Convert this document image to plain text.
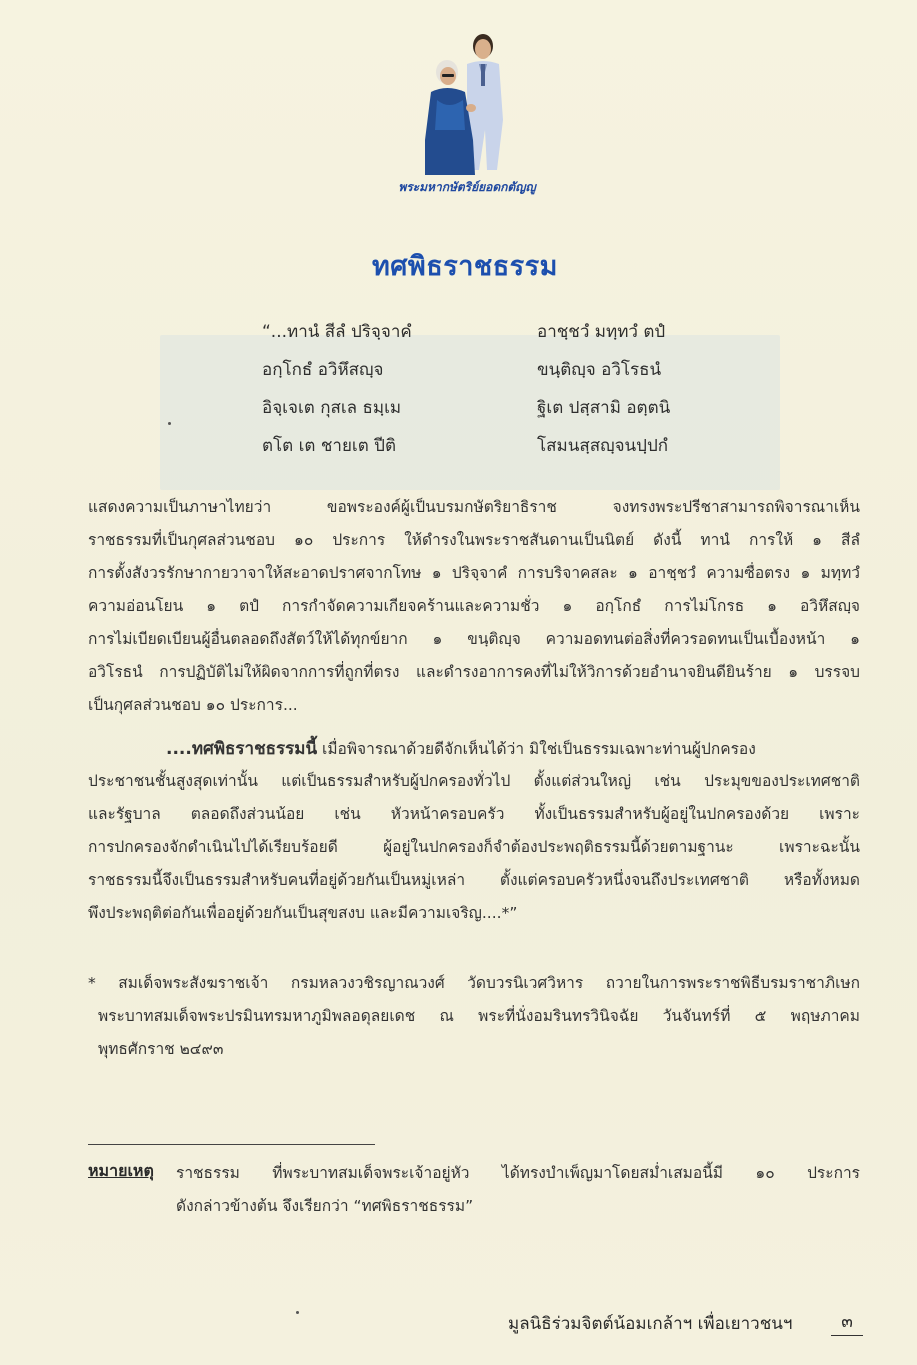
พระมหากษัตริย์ยอดกตัญญู
ทศพิธราชธรรม
“...ทานํ สีลํ ปริจฺจาคํ
อกฺโกธํ อวิหึสญฺจ
อิจฺเจเต กุสเล ธมฺเม
ตโต เต ชายเต ปีติ
อาชฺชวํ มทฺทวํ ตปํ
ขนฺติญฺจ อวิโรธนํ
ฐิเต ปสฺสามิ อตฺตนิ
โสมนสฺสญฺจนปฺปกํ
แสดงความเป็นภาษาไทยว่า ขอพระองค์ผู้เป็นบรมกษัตริยาธิราช จงทรงพระปรีชาสามารถพิจารณาเห็น
ราชธรรมที่เป็นกุศลส่วนชอบ ๑๐ ประการ ให้ดำรงในพระราชสันดานเป็นนิตย์ ดังนี้ ทานํ การให้ ๑ สีลํ
การตั้งสังวรรักษากายวาจาให้สะอาดปราศจากโทษ ๑ ปริจฺจาคํ การบริจาคสละ ๑ อาชฺชวํ ความซื่อตรง ๑ มทฺทวํ
ความอ่อนโยน ๑ ตปํ การกำจัดความเกียจคร้านและความชั่ว ๑ อกฺโกธํ การไม่โกรธ ๑ อวิหึสญฺจ
การไม่เบียดเบียนผู้อื่นตลอดถึงสัตว์ให้ได้ทุกข์ยาก ๑ ขนฺติญฺจ ความอดทนต่อสิ่งที่ควรอดทนเป็นเบื้องหน้า ๑
อวิโรธนํ การปฏิบัติไม่ให้ผิดจากการที่ถูกที่ตรง และดำรงอาการคงที่ไม่ให้วิการด้วยอำนาจยินดียินร้าย ๑ บรรจบ
เป็นกุศลส่วนชอบ ๑๐ ประการ...
....ทศพิธราชธรรมนี้ เมื่อพิจารณาด้วยดีจักเห็นได้ว่า มิใช่เป็นธรรมเฉพาะท่านผู้ปกครอง
ประชาชนชั้นสูงสุดเท่านั้น แต่เป็นธรรมสำหรับผู้ปกครองทั่วไป ตั้งแต่ส่วนใหญ่ เช่น ประมุขของประเทศชาติ
และรัฐบาล ตลอดถึงส่วนน้อย เช่น หัวหน้าครอบครัว ทั้งเป็นธรรมสำหรับผู้อยู่ในปกครองด้วย เพราะ
การปกครองจักดำเนินไปได้เรียบร้อยดี ผู้อยู่ในปกครองก็จำต้องประพฤติธรรมนี้ด้วยตามฐานะ เพราะฉะนั้น
ราชธรรมนี้จึงเป็นธรรมสำหรับคนที่อยู่ด้วยกันเป็นหมู่เหล่า ตั้งแต่ครอบครัวหนึ่งจนถึงประเทศชาติ หรือทั้งหมด
พึงประพฤติต่อกันเพื่ออยู่ด้วยกันเป็นสุขสงบ และมีความเจริญ....*”
* สมเด็จพระสังฆราชเจ้า กรมหลวงวชิรญาณวงศ์ วัดบวรนิเวศวิหาร ถวายในการพระราชพิธีบรมราชาภิเษก
พระบาทสมเด็จพระปรมินทรมหาภูมิพลอดุลยเดช ณ พระที่นั่งอมรินทรวินิจฉัย วันจันทร์ที่ ๕ พฤษภาคม
พุทธศักราช ๒๔๙๓
หมายเหตุ ราชธรรม ที่พระบาทสมเด็จพระเจ้าอยู่หัว ได้ทรงบำเพ็ญมาโดยสม่ำเสมอนี้มี ๑๐ ประการ
ดังกล่าวข้างต้น จึงเรียกว่า “ทศพิธราชธรรม”
มูลนิธิร่วมจิตต์น้อมเกล้าฯ เพื่อเยาวชนฯ	๓
